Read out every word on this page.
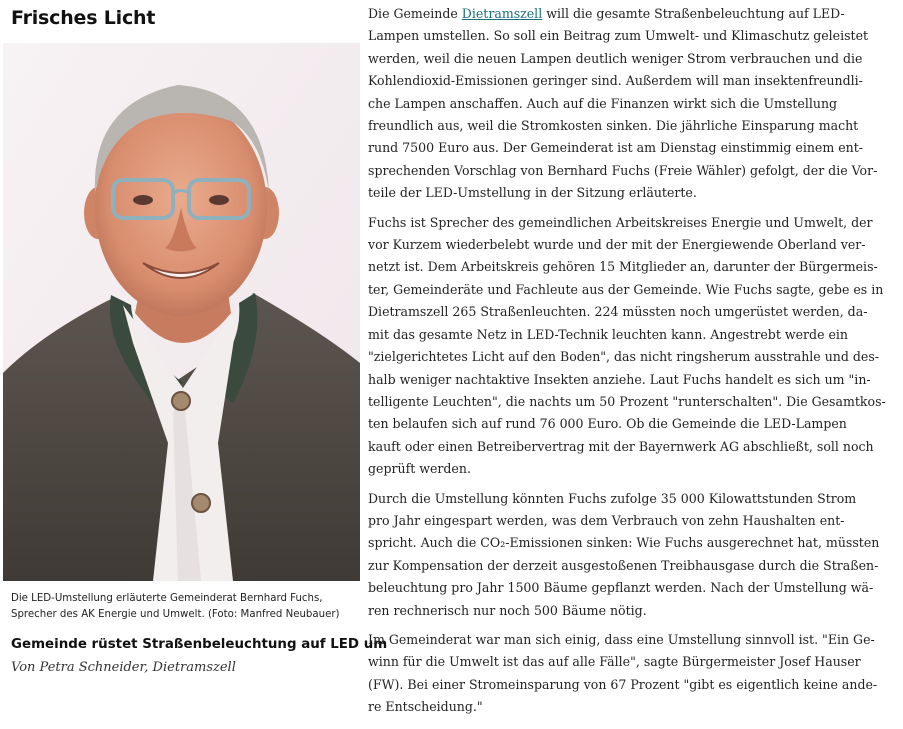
Frisches Licht
Die LED-Umstellung erläuterte Gemeinderat Bernhard Fuchs,
Sprecher des AK Energie und Umwelt. (Foto: Manfred Neubauer)
Gemeinde rüstet Straßenbeleuchtung auf LED um
Von Petra Schneider, Dietramszell

Die Gemeinde Dietramszell will die gesamte Straßenbeleuchtung auf LED-
Lampen umstellen. So soll ein Beitrag zum Umwelt- und Klimaschutz geleistet
werden, weil die neuen Lampen deutlich weniger Strom verbrauchen und die
Kohlendioxid-Emissionen geringer sind. Außerdem will man insektenfreundli-
che Lampen anschaffen. Auch auf die Finanzen wirkt sich die Umstellung
freundlich aus, weil die Stromkosten sinken. Die jährliche Einsparung macht
rund 7500 Euro aus. Der Gemeinderat ist am Dienstag einstimmig einem ent-
sprechenden Vorschlag von Bernhard Fuchs (Freie Wähler) gefolgt, der die Vor-
teile der LED-Umstellung in der Sitzung erläuterte.

Fuchs ist Sprecher des gemeindlichen Arbeitskreises Energie und Umwelt, der
vor Kurzem wiederbelebt wurde und der mit der Energiewende Oberland ver-
netzt ist. Dem Arbeitskreis gehören 15 Mitglieder an, darunter der Bürgermeis-
ter, Gemeinderäte und Fachleute aus der Gemeinde. Wie Fuchs sagte, gebe es in
Dietramszell 265 Straßenleuchten. 224 müssten noch umgerüstet werden, da-
mit das gesamte Netz in LED-Technik leuchten kann. Angestrebt werde ein
"zielgerichtetes Licht auf den Boden", das nicht ringsherum ausstrahle und des-
halb weniger nachtaktive Insekten anziehe. Laut Fuchs handelt es sich um "in-
telligente Leuchten", die nachts um 50 Prozent "runterschalten". Die Gesamtkos-
ten belaufen sich auf rund 76 000 Euro. Ob die Gemeinde die LED-Lampen
kauft oder einen Betreibervertrag mit der Bayernwerk AG abschließt, soll noch
geprüft werden.

Durch die Umstellung könnten Fuchs zufolge 35 000 Kilowattstunden Strom
pro Jahr eingespart werden, was dem Verbrauch von zehn Haushalten ent-
spricht. Auch die CO₂-Emissionen sinken: Wie Fuchs ausgerechnet hat, müssten
zur Kompensation der derzeit ausgestoßenen Treibhausgase durch die Straßen-
beleuchtung pro Jahr 1500 Bäume gepflanzt werden. Nach der Umstellung wä-
ren rechnerisch nur noch 500 Bäume nötig.

Im Gemeinderat war man sich einig, dass eine Umstellung sinnvoll ist. "Ein Ge-
winn für die Umwelt ist das auf alle Fälle", sagte Bürgermeister Josef Hauser
(FW). Bei einer Stromeinsparung von 67 Prozent "gibt es eigentlich keine ande-
re Entscheidung."
